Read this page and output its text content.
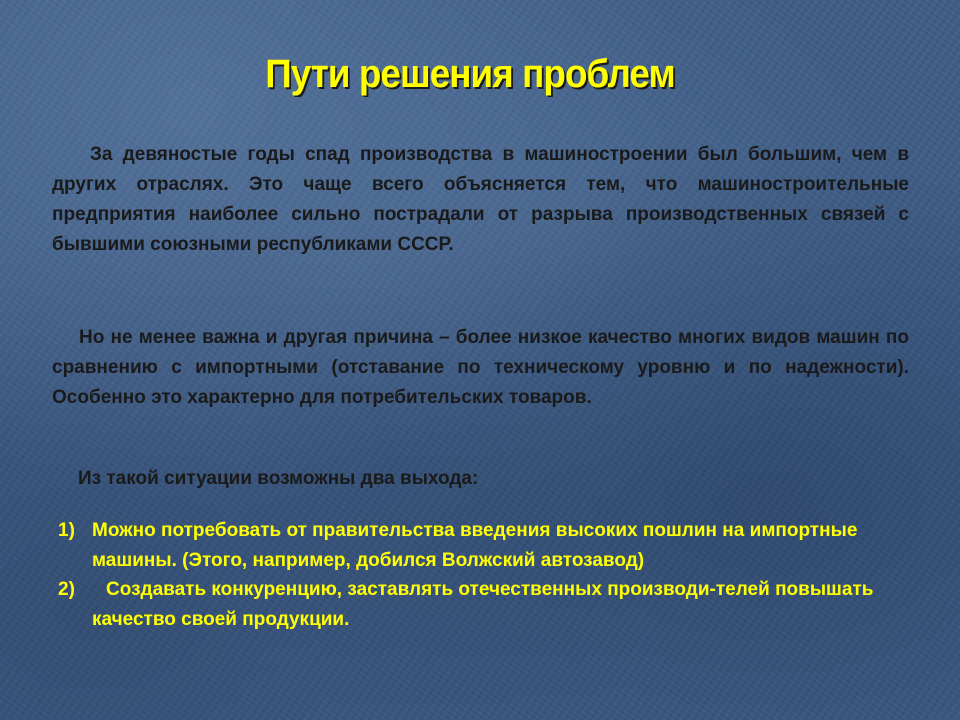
Пути решения проблем

За девяностые годы спад производства в машиностроении был большим, чем в других отраслях. Это чаще всего объясняется тем, что машиностроительные предприятия наиболее сильно пострадали от разрыва производственных связей с бывшими союзными республиками СССР.

Но не менее важна и другая причина – более низкое качество многих видов машин по сравнению с импортными (отставание по техническому уровню и по надежности). Особенно это характерно для потребительских товаров.

Из такой ситуации возможны два выхода:

1) Можно потребовать от правительства введения высоких пошлин на импортные машины. (Этого, например, добился Волжский автозавод)
2)	Создавать конкуренцию, заставлять отечественных производи-телей повышать качество своей продукции.
